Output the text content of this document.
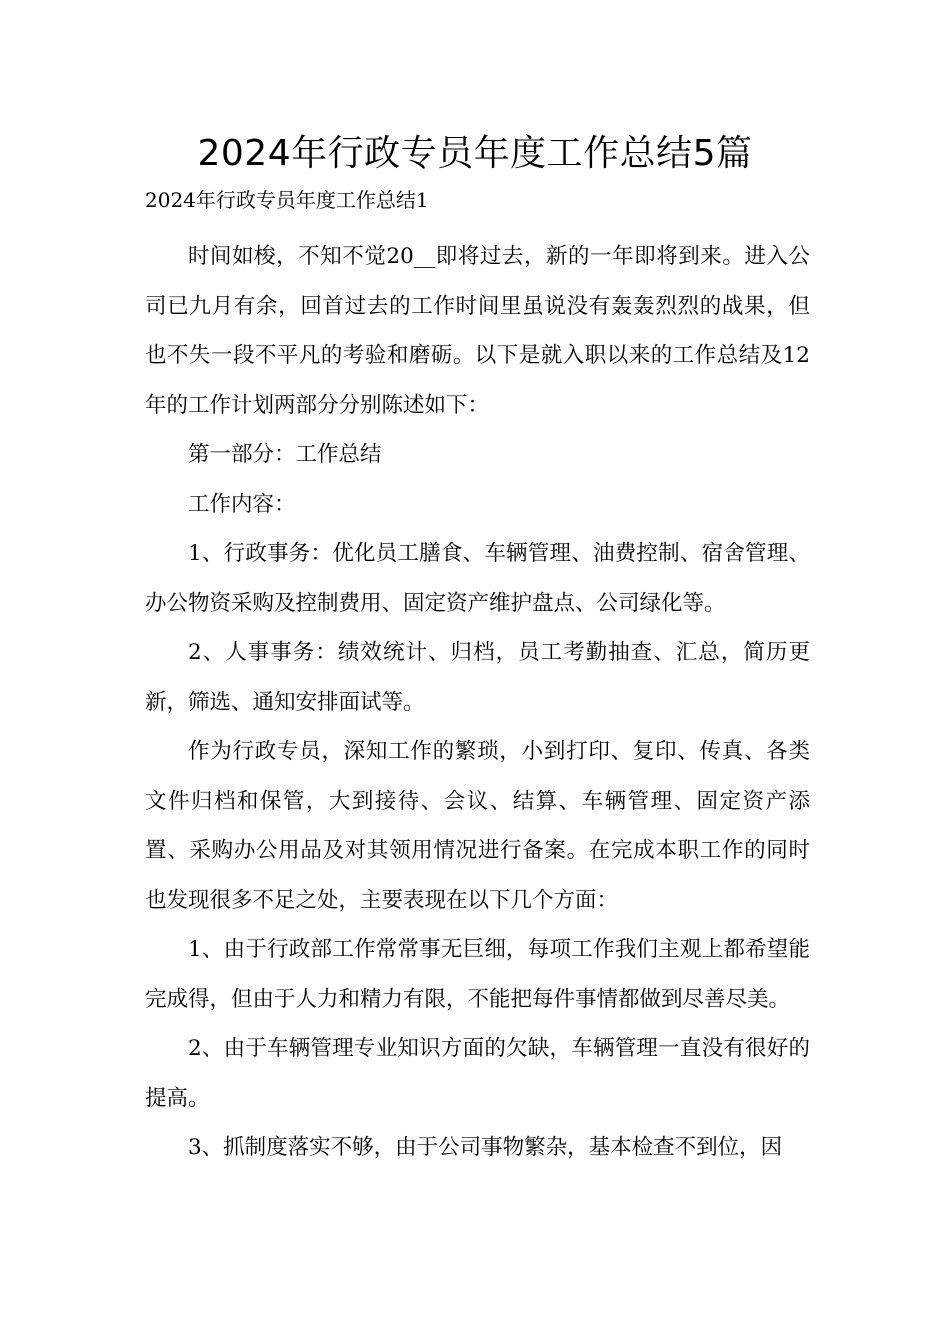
2024年行政专员年度工作总结5篇
2024年行政专员年度工作总结1

时间如梭，不知不觉20__即将过去，新的一年即将到来。进入公司已九月有余，回首过去的工作时间里虽说没有轰轰烈烈的战果，但也不失一段不平凡的考验和磨砺。以下是就入职以来的工作总结及12年的工作计划两部分分别陈述如下：

第一部分：工作总结

工作内容：

1、行政事务：优化员工膳食、车辆管理、油费控制、宿舍管理、办公物资采购及控制费用、固定资产维护盘点、公司绿化等。

2、人事事务：绩效统计、归档，员工考勤抽查、汇总，简历更新，筛选、通知安排面试等。

作为行政专员，深知工作的繁琐，小到打印、复印、传真、各类文件归档和保管，大到接待、会议、结算、车辆管理、固定资产添置、采购办公用品及对其领用情况进行备案。在完成本职工作的同时也发现很多不足之处，主要表现在以下几个方面：

1、由于行政部工作常常事无巨细，每项工作我们主观上都希望能完成得，但由于人力和精力有限，不能把每件事情都做到尽善尽美。

2、由于车辆管理专业知识方面的欠缺，车辆管理一直没有很好的提高。

3、抓制度落实不够，由于公司事物繁杂，基本检查不到位，因
